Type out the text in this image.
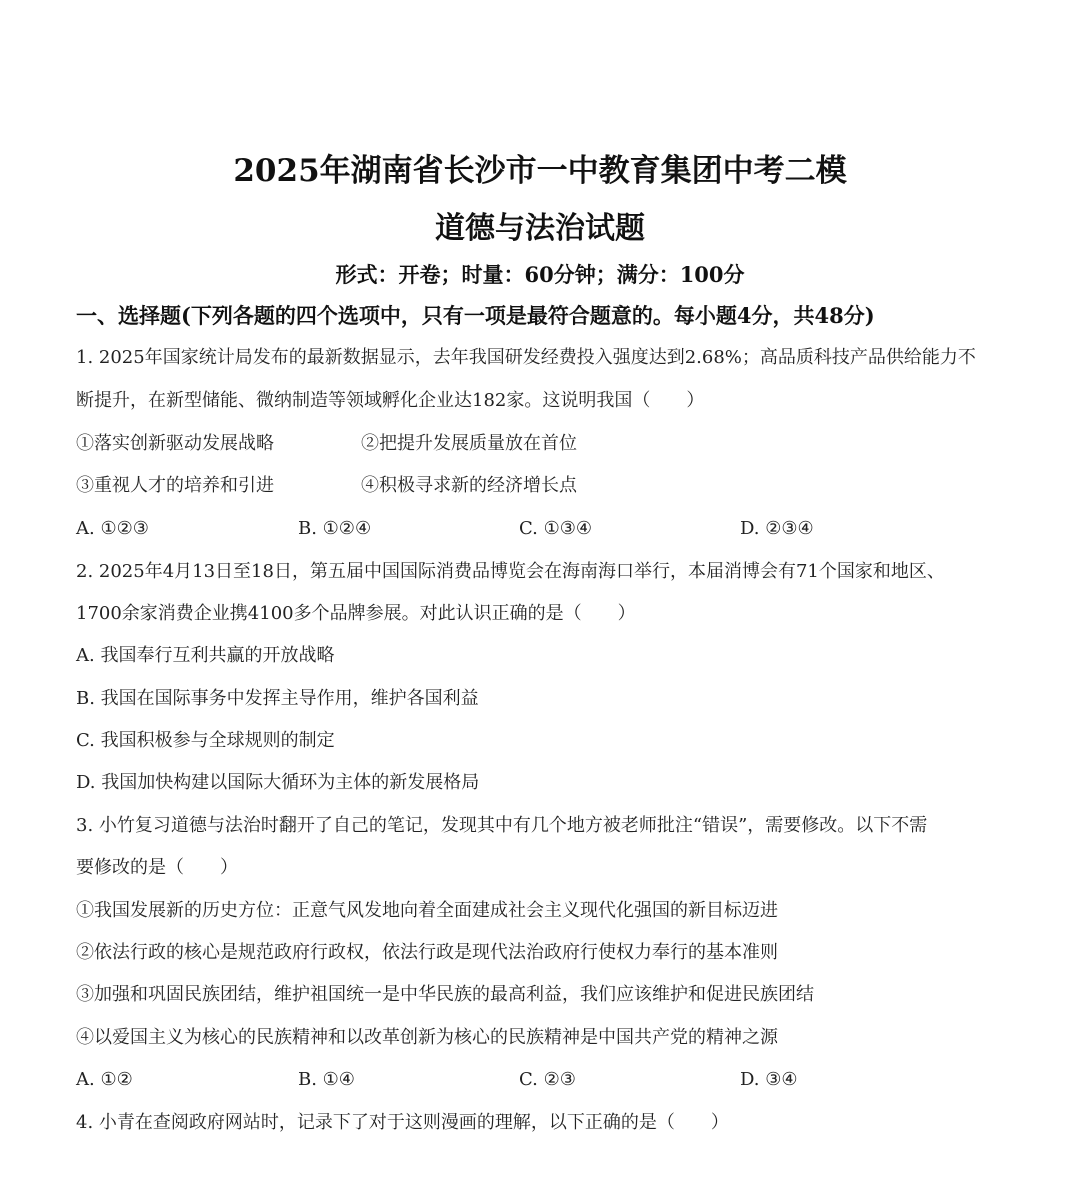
2025年湖南省长沙市一中教育集团中考二模
道德与法治试题
形式：开卷；时量：60分钟；满分：100分
一、选择题(下列各题的四个选项中，只有一项是最符合题意的。每小题4分，共48分)
1. 2025年国家统计局发布的最新数据显示，去年我国研发经费投入强度达到2.68%；高品质科技产品供给能力不
断提升，在新型储能、微纳制造等领域孵化企业达182家。这说明我国（　　）
①落实创新驱动发展战略	②把提升发展质量放在首位
③重视人才的培养和引进	④积极寻求新的经济增长点
A. ①②③	B. ①②④	C. ①③④	D. ②③④
2. 2025年4月13日至18日，第五届中国国际消费品博览会在海南海口举行，本届消博会有71个国家和地区、
1700余家消费企业携4100多个品牌参展。对此认识正确的是（　　）
A. 我国奉行互利共赢的开放战略
B. 我国在国际事务中发挥主导作用，维护各国利益
C. 我国积极参与全球规则的制定
D. 我国加快构建以国际大循环为主体的新发展格局
3. 小竹复习道德与法治时翻开了自己的笔记，发现其中有几个地方被老师批注“错误”，需要修改。以下不需
要修改的是（　　）
①我国发展新的历史方位：正意气风发地向着全面建成社会主义现代化强国的新目标迈进
②依法行政的核心是规范政府行政权，依法行政是现代法治政府行使权力奉行的基本准则
③加强和巩固民族团结，维护祖国统一是中华民族的最高利益，我们应该维护和促进民族团结
④以爱国主义为核心的民族精神和以改革创新为核心的民族精神是中国共产党的精神之源
A. ①②	B. ①④	C. ②③	D. ③④
4. 小青在查阅政府网站时，记录下了对于这则漫画的理解，以下正确的是（　　）
